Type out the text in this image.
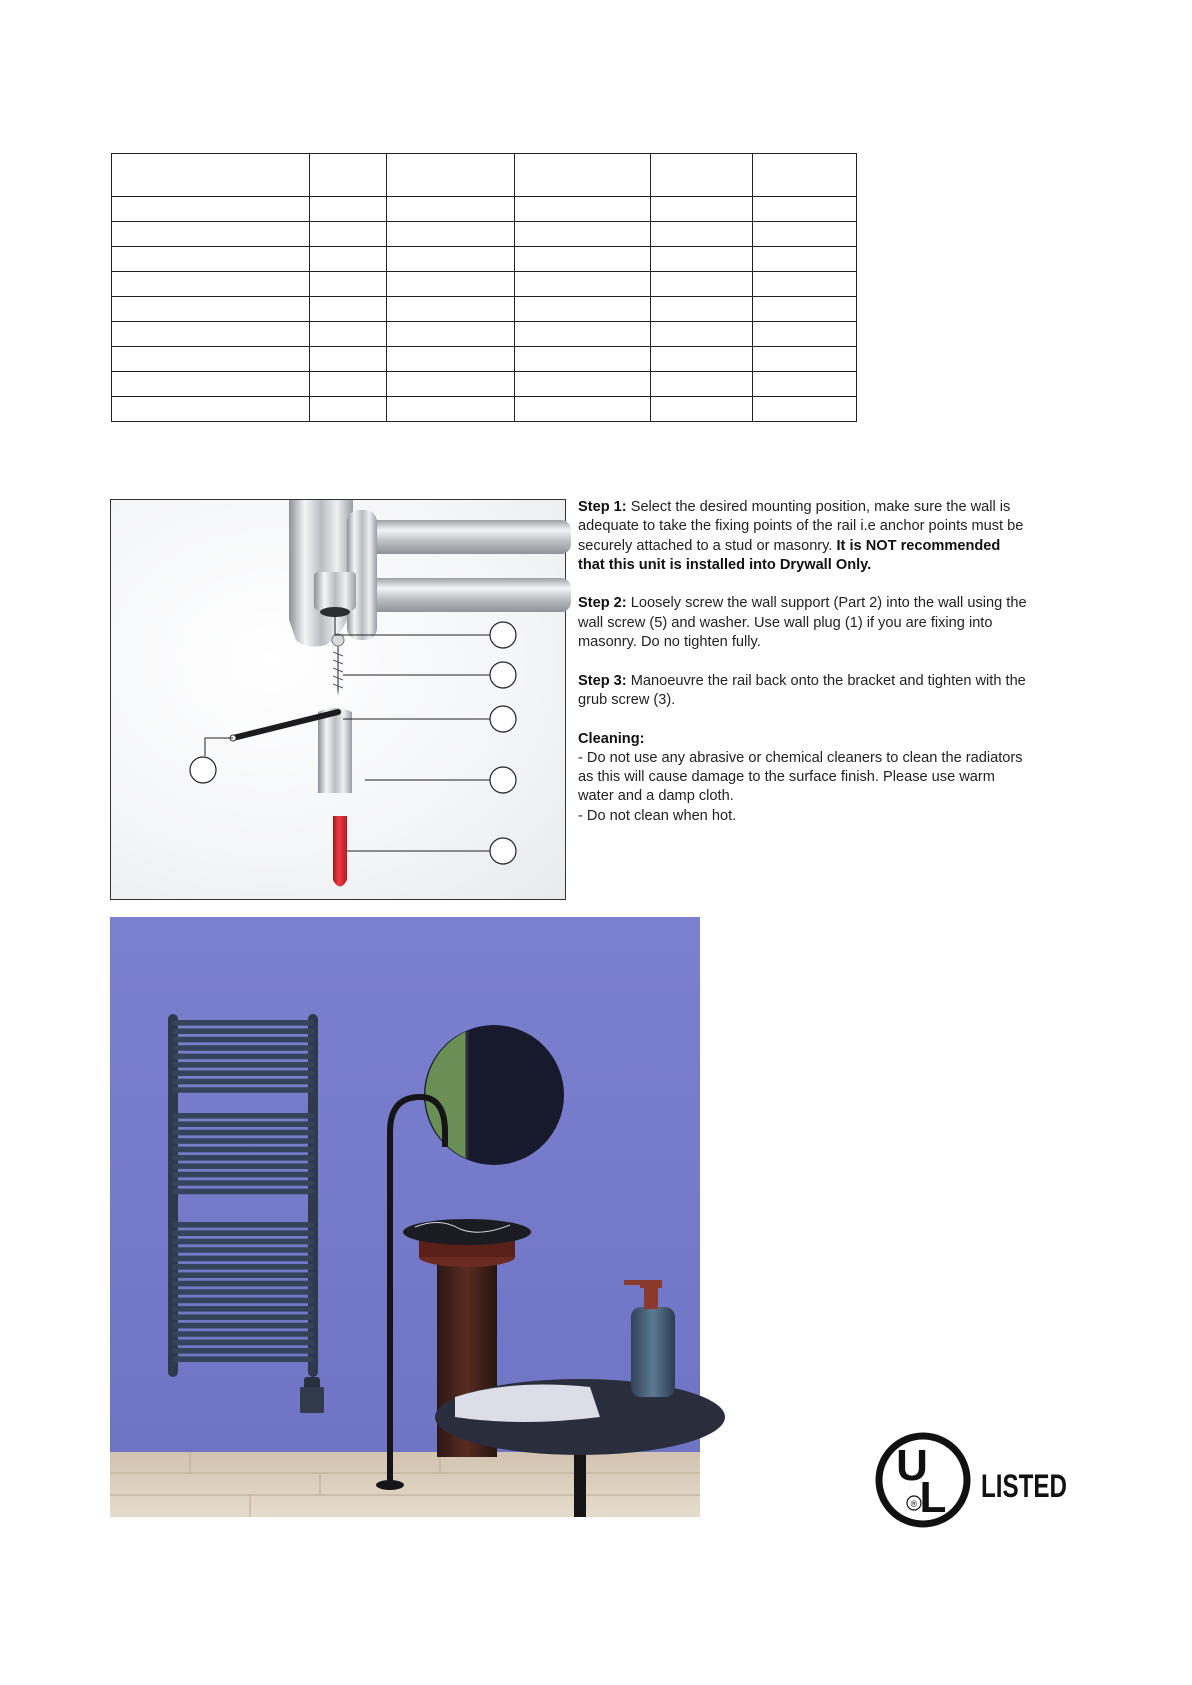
Step 1: Select the desired mounting position, make sure the wall is adequate to take the fixing points of the rail i.e anchor points must be securely attached to a stud or masonry. It is NOT recommended that this unit is installed into Drywall Only.

Step 2: Loosely screw the wall support (Part 2) into the wall using the wall screw (5) and washer. Use wall plug (1) if you are fixing into masonry. Do no tighten fully.

Step 3: Manoeuvre the rail back onto the bracket and tighten with the grub screw (3).

Cleaning:
- Do not use any abrasive or chemical cleaners to clean the radiators as this will cause damage to the surface finish. Please use warm water and a damp cloth.
- Do not clean when hot.

U
L
® LISTED
